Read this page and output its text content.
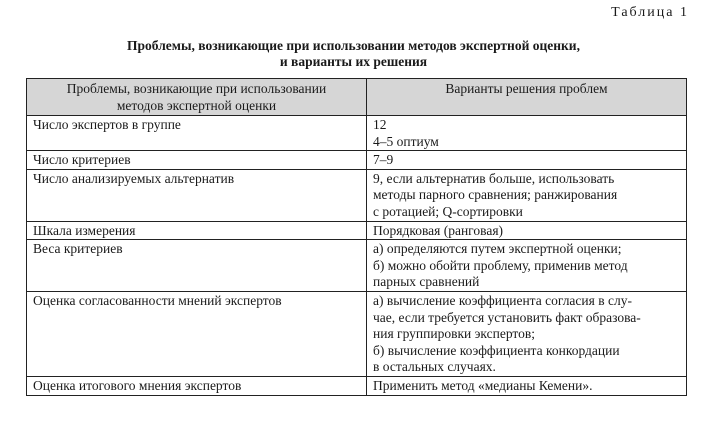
Таблица 1
Проблемы, возникающие при использовании методов экспертной оценки,
и варианты их решения
Проблемы, возникающие при использовании
методов экспертной оценки	Варианты решения проблем
Число экспертов в группе	12
4–5 оптиум

Число критериев	7–9

Число анализируемых альтернатив	9, если альтернатив больше, использовать
методы парного сравнения; ранжирования
с ротацией; Q-сортировки

Шкала измерения	Порядковая (ранговая)

Веса критериев	а) определяются путем экспертной оценки;
б) можно обойти проблему, применив метод
парных сравнений

Оценка согласованности мнений экспертов	а) вычисление коэффициента согласия в слу-
чае, если требуется установить факт образова-
ния группировки экспертов;
б) вычисление коэффициента конкордации
в остальных случаях.

Оценка итогового мнения экспертов	Применить метод «медианы Кемени».
